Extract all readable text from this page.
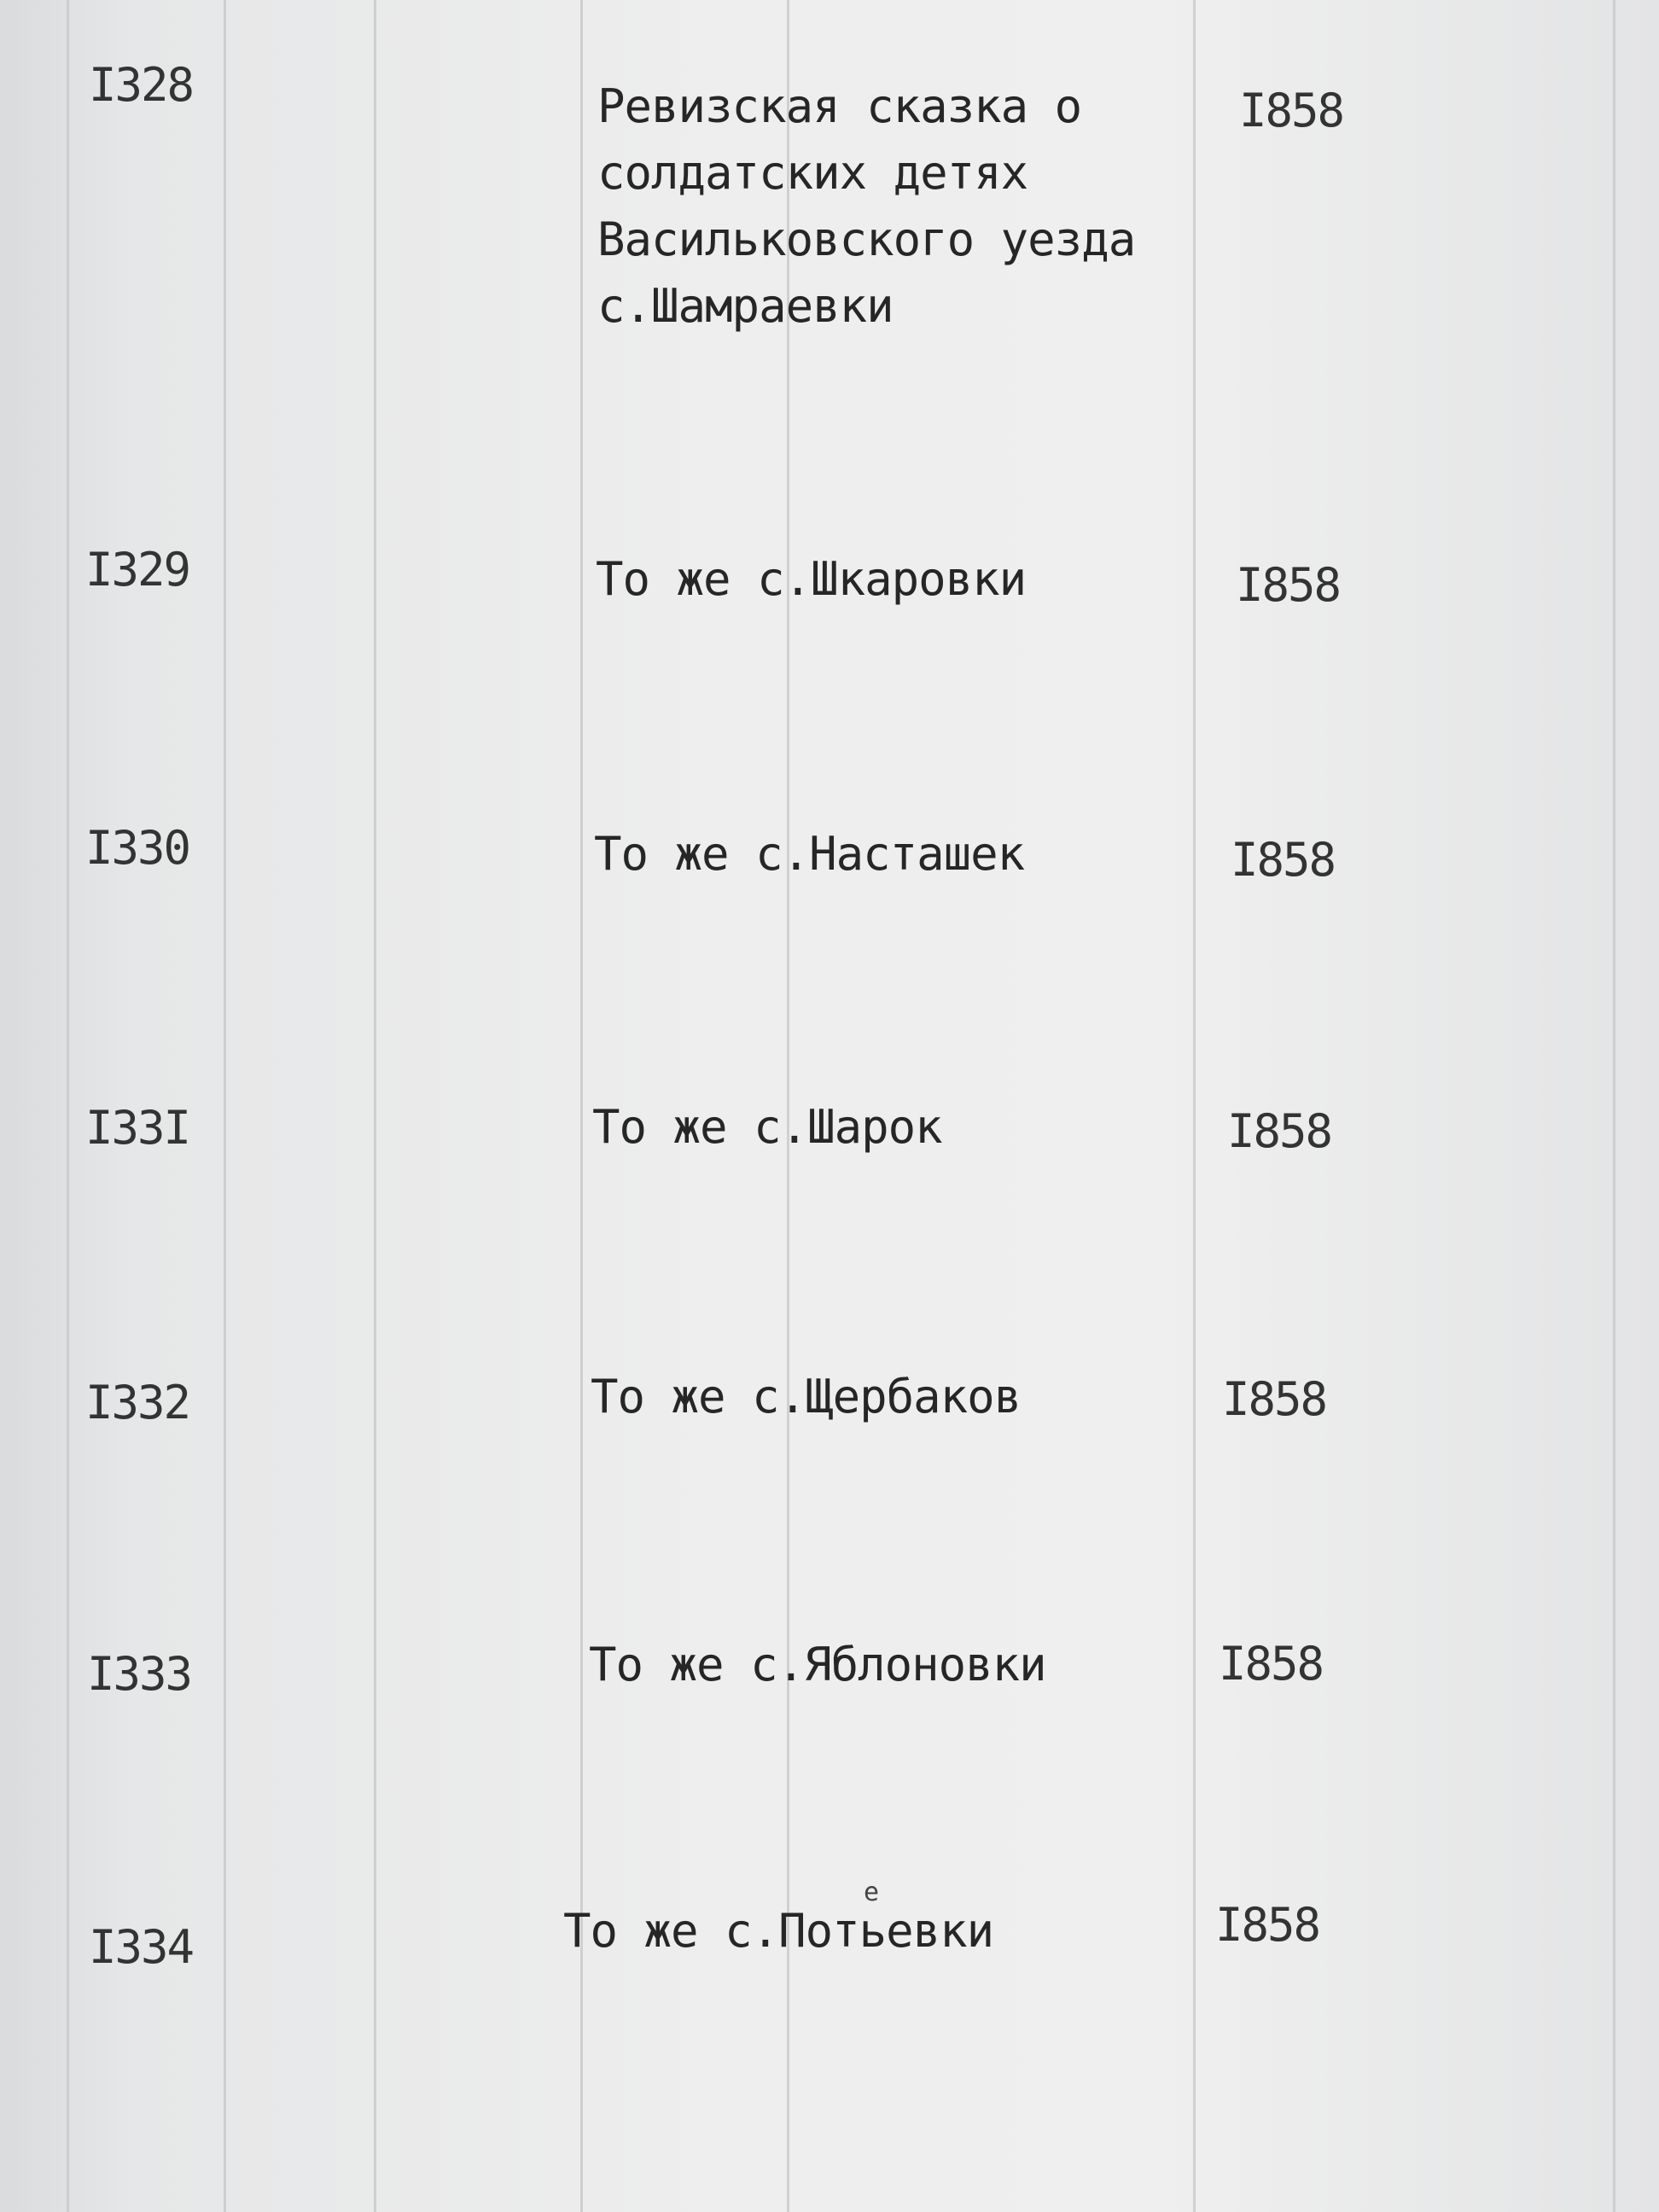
I328	Ревизская сказка о
солдатских детях
Васильковского уезда
с.Шамраевки
I858
I329	То же с.Шкаровки	I858
I330	То же с.Насташек	I858
I33I	То же с.Шарок	I858
I332	То же с.Щербаков	I858
I333	То же с.Яблоновки	I858
I334	То же с.Потьевки	I858
е
